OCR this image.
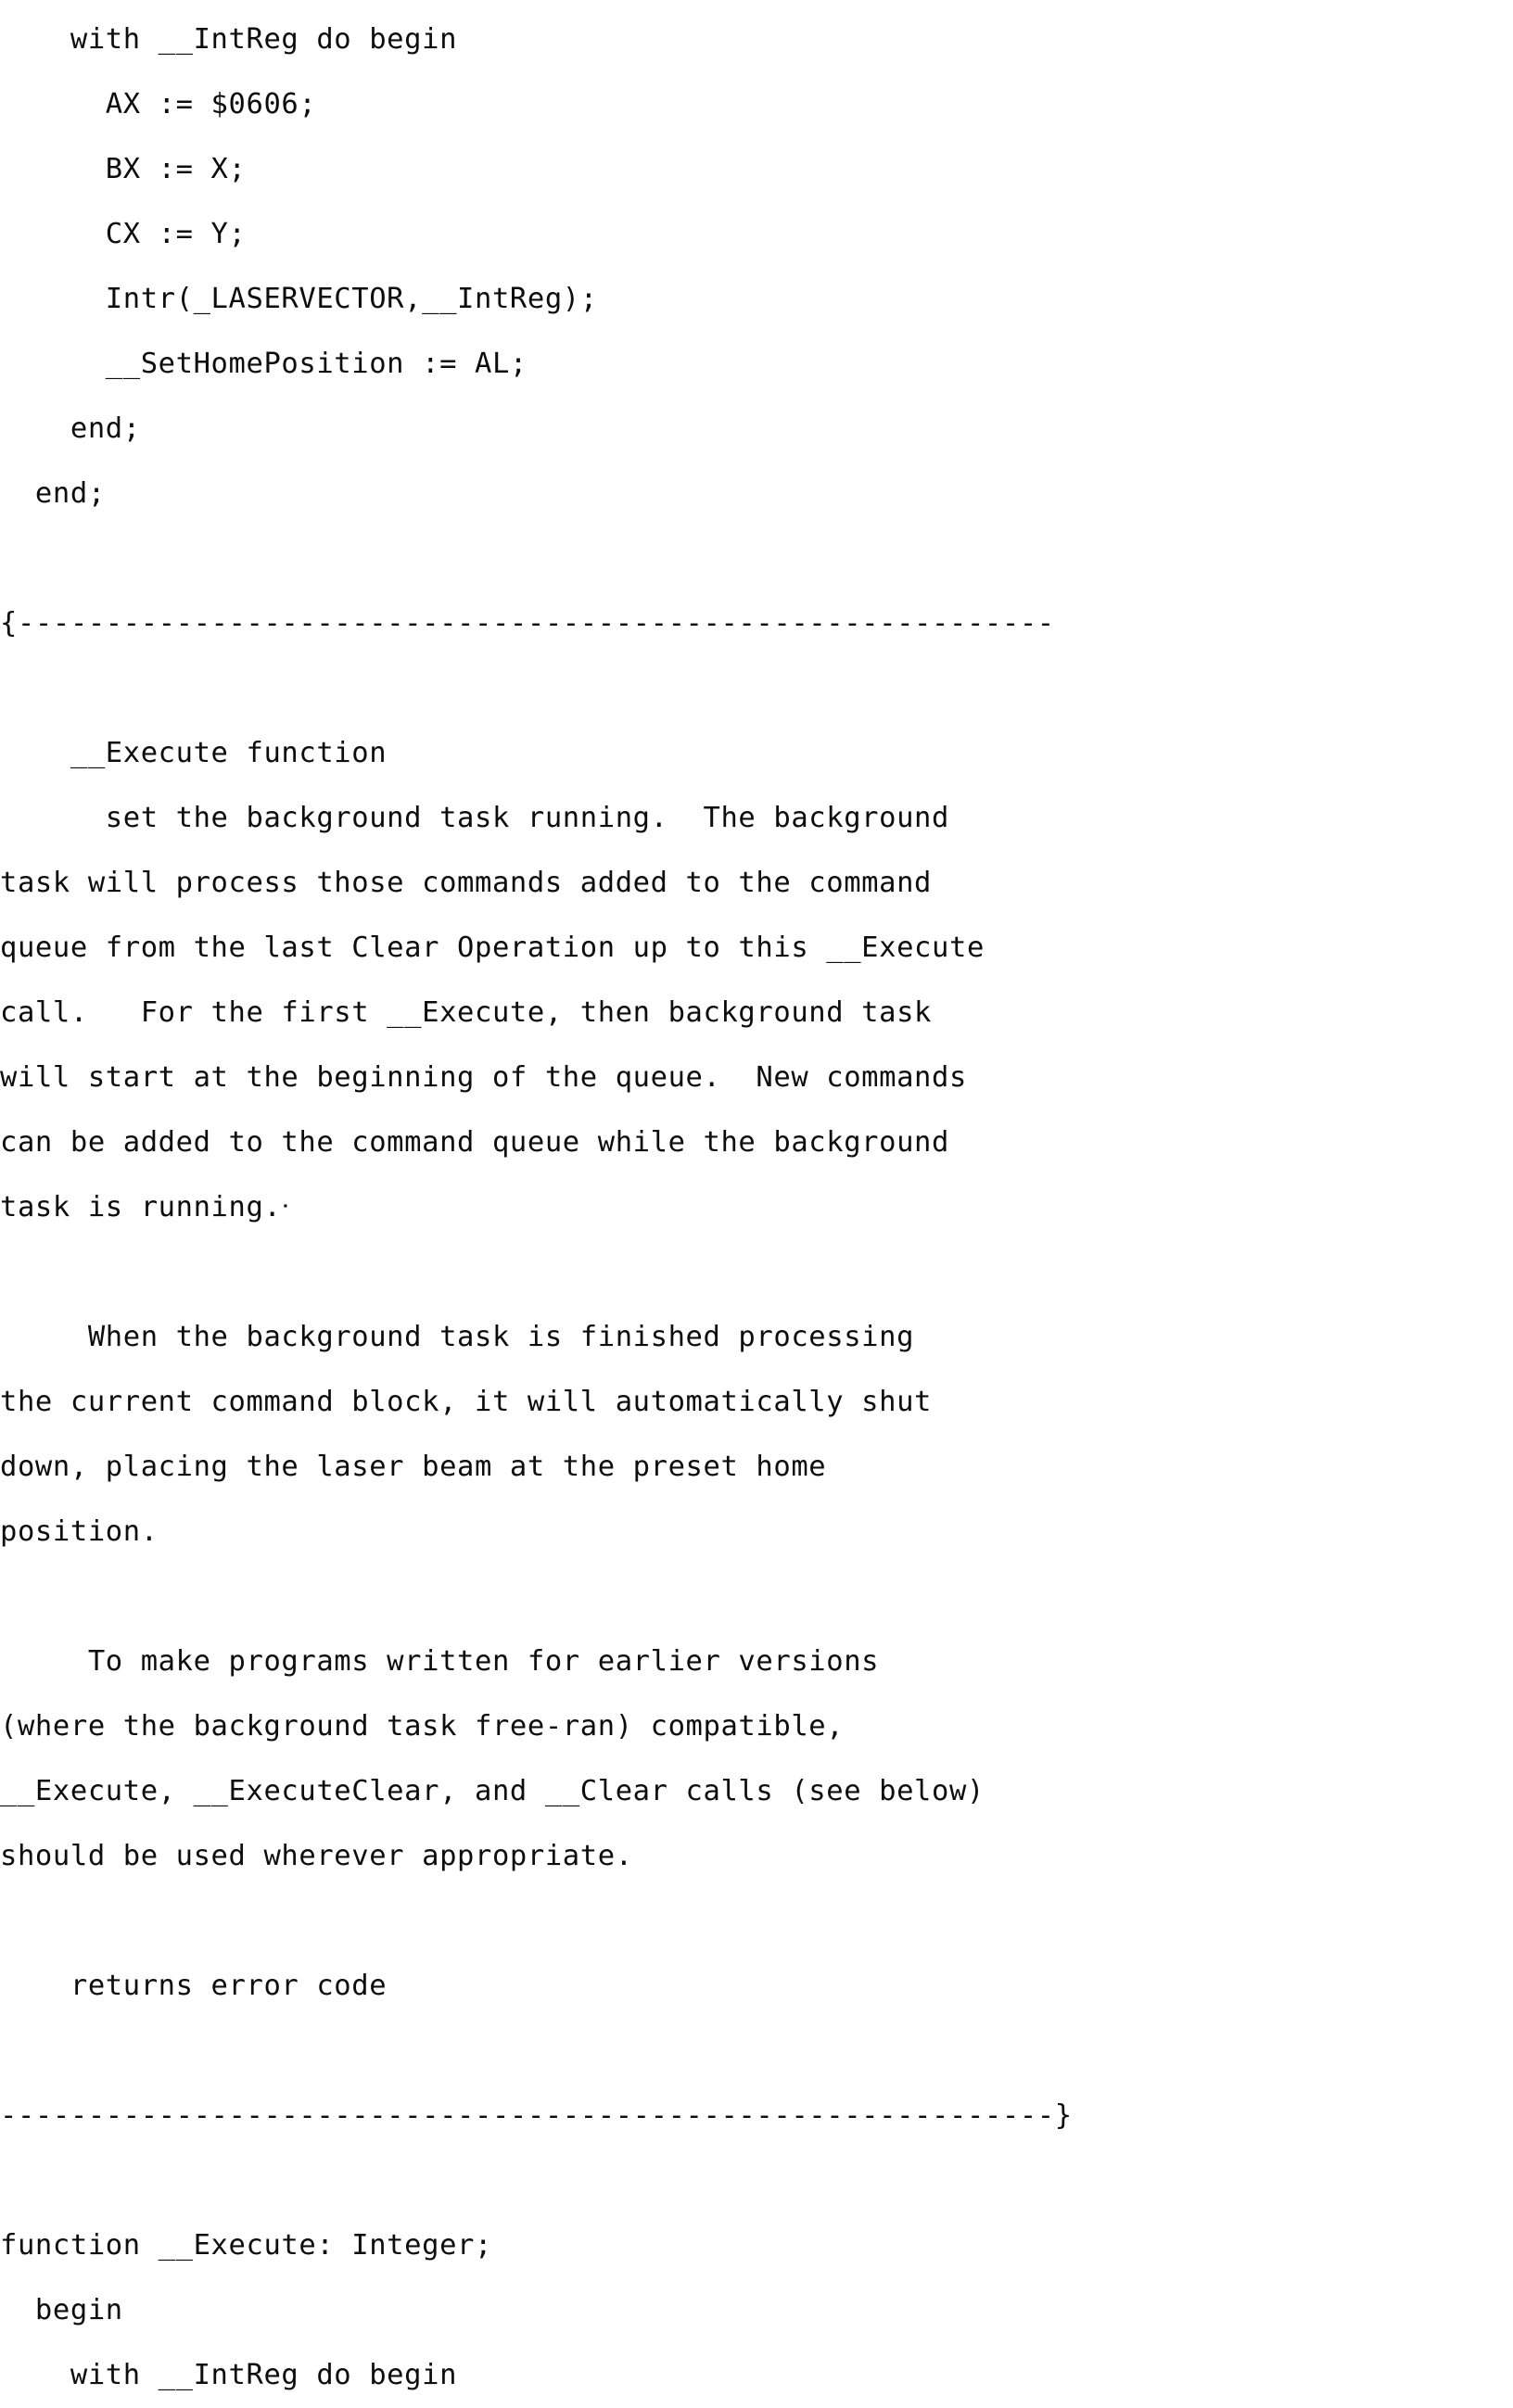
with __IntReg do begin
AX := $0606;
BX := X;
CX := Y;
Intr(_LASERVECTOR,__IntReg);
__SetHomePosition := AL;
end;
end;

{-----------------------------------------------------------

__Execute function
set the background task running.  The background
task will process those commands added to the command
queue from the last Clear Operation up to this __Execute
call.   For the first __Execute, then background task
will start at the beginning of the queue.  New commands
can be added to the command queue while the background
task is running.ᐧ

When the background task is finished processing
the current command block, it will automatically shut
down, placing the laser beam at the preset home
position.

To make programs written for earlier versions
(where the background task free-ran) compatible,
__Execute, __ExecuteClear, and __Clear calls (see below)
should be used wherever appropriate.

returns error code

------------------------------------------------------------}

function __Execute: Integer;
begin
with __IntReg do begin
